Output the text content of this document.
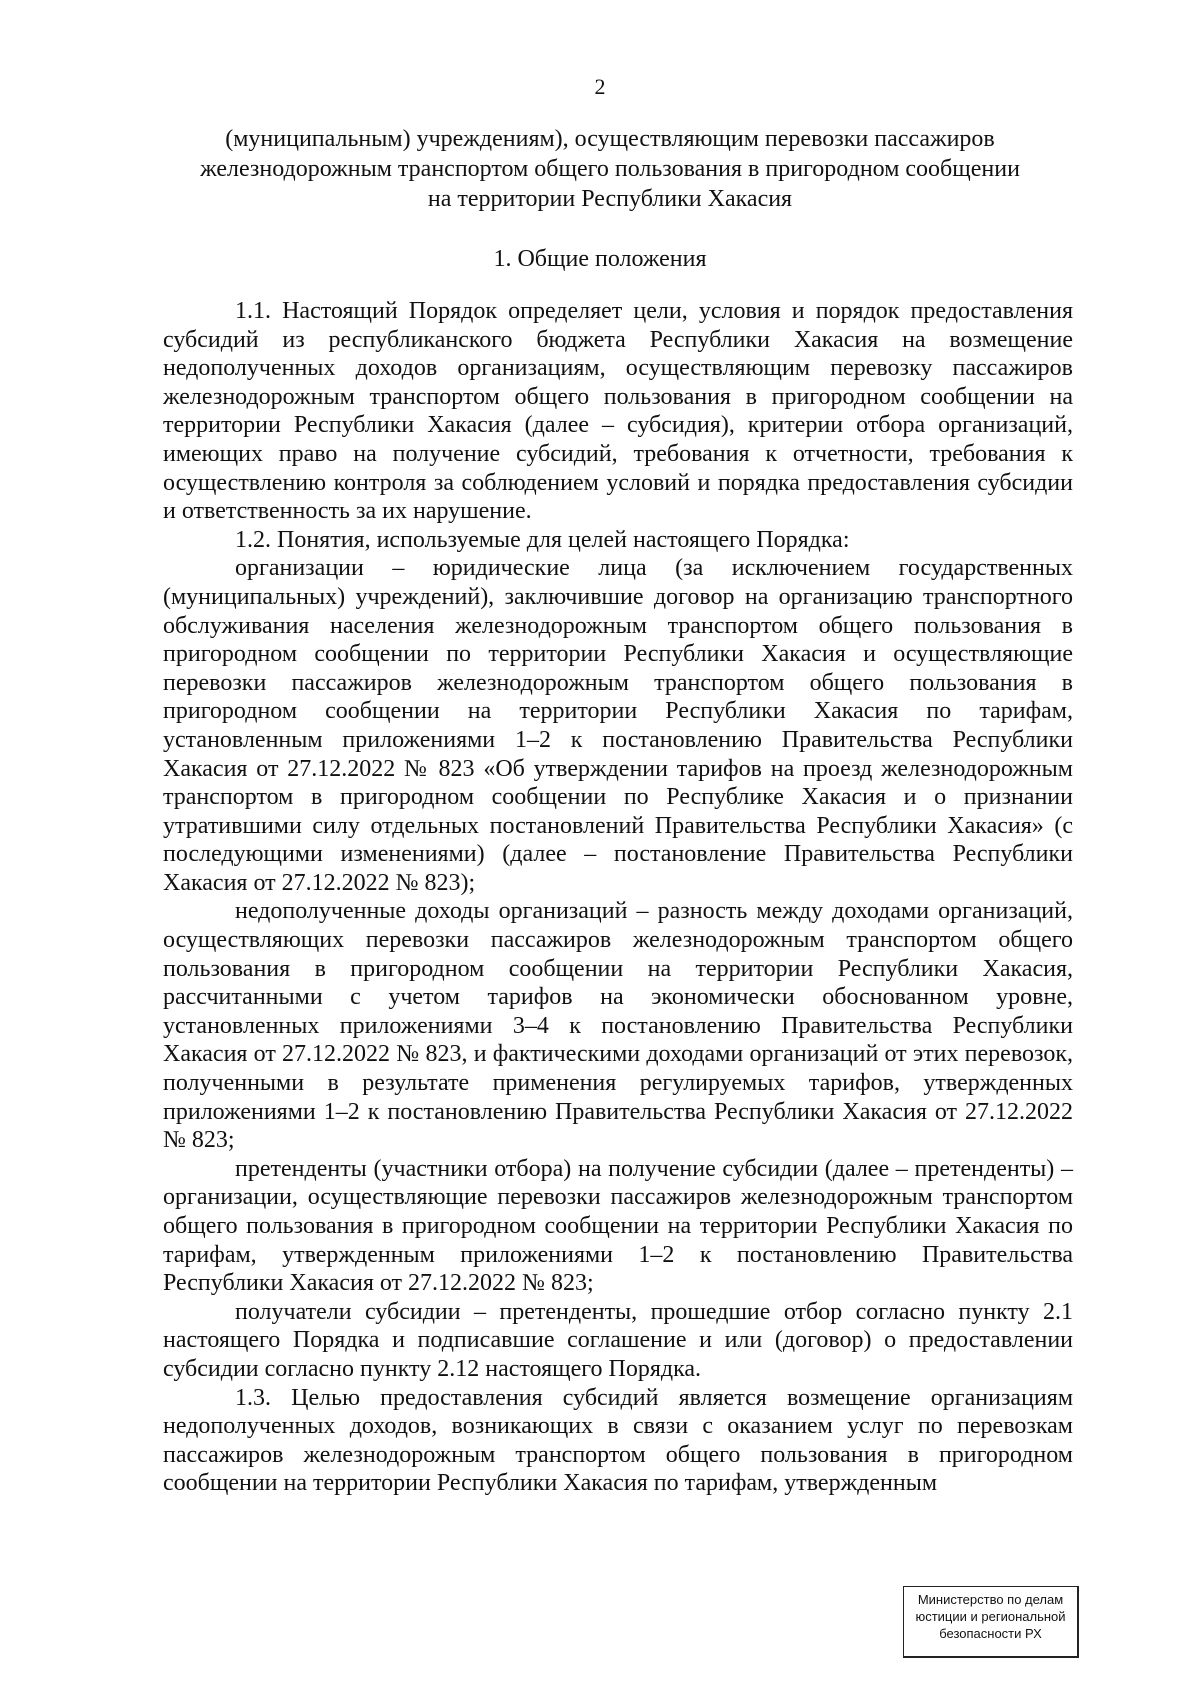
2
(муниципальным) учреждениям), осуществляющим перевозки пассажиров
железнодорожным транспортом общего пользования в пригородном сообщении
на территории Республики Хакасия
1. Общие положения

1.1. Настоящий Порядок определяет цели, условия и порядок предоставления субсидий из республиканского бюджета Республики Хакасия на возмещение недополученных доходов организациям, осуществляющим перевозку пассажиров железнодорожным транспортом общего пользования в пригородном сообщении на территории Республики Хакасия (далее – субсидия), критерии отбора организаций, имеющих право на получение субсидий, требования к отчетности, требования к осуществлению контроля за соблюдением условий и порядка предоставления субсидии и ответственность за их нарушение.

1.2. Понятия, используемые для целей настоящего Порядка:

организации – юридические лица (за исключением государственных (муниципальных) учреждений), заключившие договор на организацию транспортного обслуживания населения железнодорожным транспортом общего пользования в пригородном сообщении по территории Республики Хакасия и осуществляющие перевозки пассажиров железнодорожным транспортом общего пользования в пригородном сообщении на территории Республики Хакасия по тарифам, установленным приложениями 1–2 к постановлению Правительства Республики Хакасия от 27.12.2022 № 823 «Об утверждении тарифов на проезд железнодорожным транспортом в пригородном сообщении по Республике Хакасия и о признании утратившими силу отдельных постановлений Правительства Республики Хакасия» (с последующими изменениями) (далее – постановление Правительства Республики Хакасия от 27.12.2022 № 823);

недополученные доходы организаций – разность между доходами организаций, осуществляющих перевозки пассажиров железнодорожным транспортом общего пользования в пригородном сообщении на территории Республики Хакасия, рассчитанными с учетом тарифов на экономически обоснованном уровне, установленных приложениями 3–4 к постановлению Правительства Республики Хакасия от 27.12.2022 № 823, и фактическими доходами организаций от этих перевозок, полученными в результате применения регулируемых тарифов, утвержденных приложениями 1–2 к постановлению Правительства Республики Хакасия от 27.12.2022 № 823;

претенденты (участники отбора) на получение субсидии (далее – претенденты) – организации, осуществляющие перевозки пассажиров железнодорожным транспортом общего пользования в пригородном сообщении на территории Республики Хакасия по тарифам, утвержденным приложениями 1–2 к постановлению Правительства Республики Хакасия от 27.12.2022 № 823;

получатели субсидии – претенденты, прошедшие отбор согласно пункту 2.1 настоящего Порядка и подписавшие соглашение и или (договор) о предоставлении субсидии согласно пункту 2.12 настоящего Порядка.

1.3. Целью предоставления субсидий является возмещение организациям недополученных доходов, возникающих в связи с оказанием услуг по перевозкам пассажиров железнодорожным транспортом общего пользования в пригородном сообщении на территории Республики Хакасия по тарифам, утвержденным

Министерство по делам
юстиции и региональной
безопасности РХ
